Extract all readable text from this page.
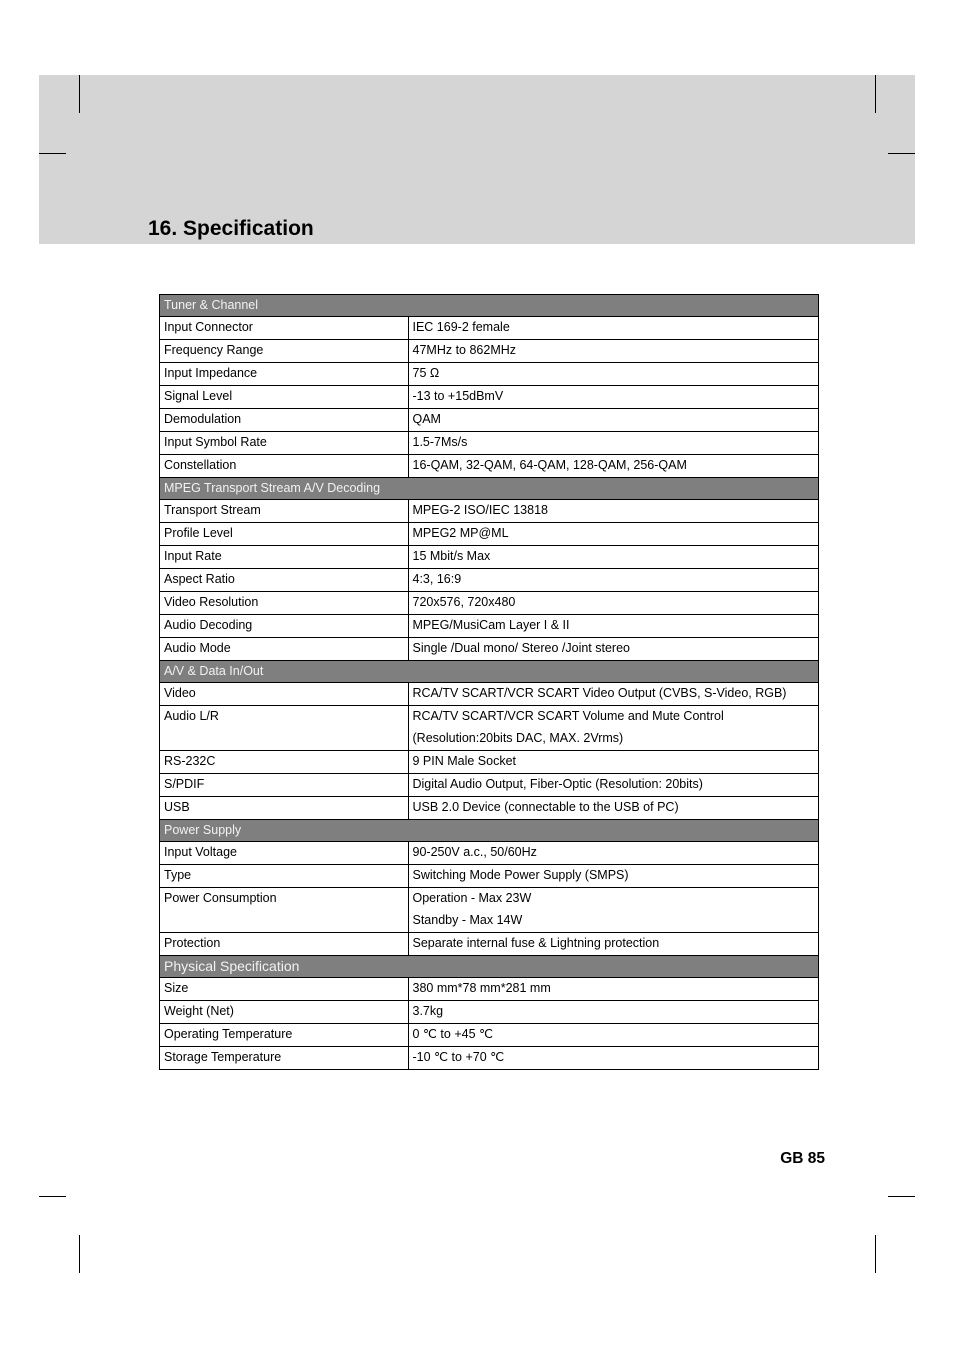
16. Specification
Tuner & Channel	

Input Connector	IEC 169-2 female

Frequency Range	47MHz to 862MHz

Input Impedance	75 Ω

Signal Level	-13 to +15dBmV

Demodulation	QAM

Input Symbol Rate	1.5-7Ms/s

Constellation	16-QAM, 32-QAM, 64-QAM, 128-QAM, 256-QAM

MPEG Transport Stream A/V Decoding	

Transport Stream	MPEG-2 ISO/IEC 13818

Profile Level	MPEG2 MP@ML

Input Rate	15 Mbit/s Max

Aspect Ratio	4:3, 16:9

Video Resolution	720x576, 720x480

Audio Decoding	MPEG/MusiCam Layer I & II

Audio Mode	Single /Dual mono/ Stereo /Joint stereo

A/V & Data In/Out	

Video	RCA/TV SCART/VCR SCART Video Output (CVBS, S-Video, RGB)

Audio L/R	RCA/TV SCART/VCR SCART Volume and Mute Control
(Resolution:20bits DAC, MAX. 2Vrms)

RS-232C	9 PIN Male Socket

S/PDIF	Digital Audio Output, Fiber-Optic (Resolution: 20bits)

USB	USB 2.0 Device (connectable to the USB of PC)

Power Supply	

Input Voltage	90-250V a.c., 50/60Hz

Type	Switching Mode Power Supply (SMPS)

Power Consumption	Operation - Max 23W
Standby - Max 14W

Protection	Separate internal fuse & Lightning protection

Physical Specification	

Size	380 mm*78 mm*281 mm

Weight (Net)	3.7kg

Operating Temperature	0 ℃ to +45 ℃

Storage Temperature	-10 ℃ to +70 ℃
GB 85
